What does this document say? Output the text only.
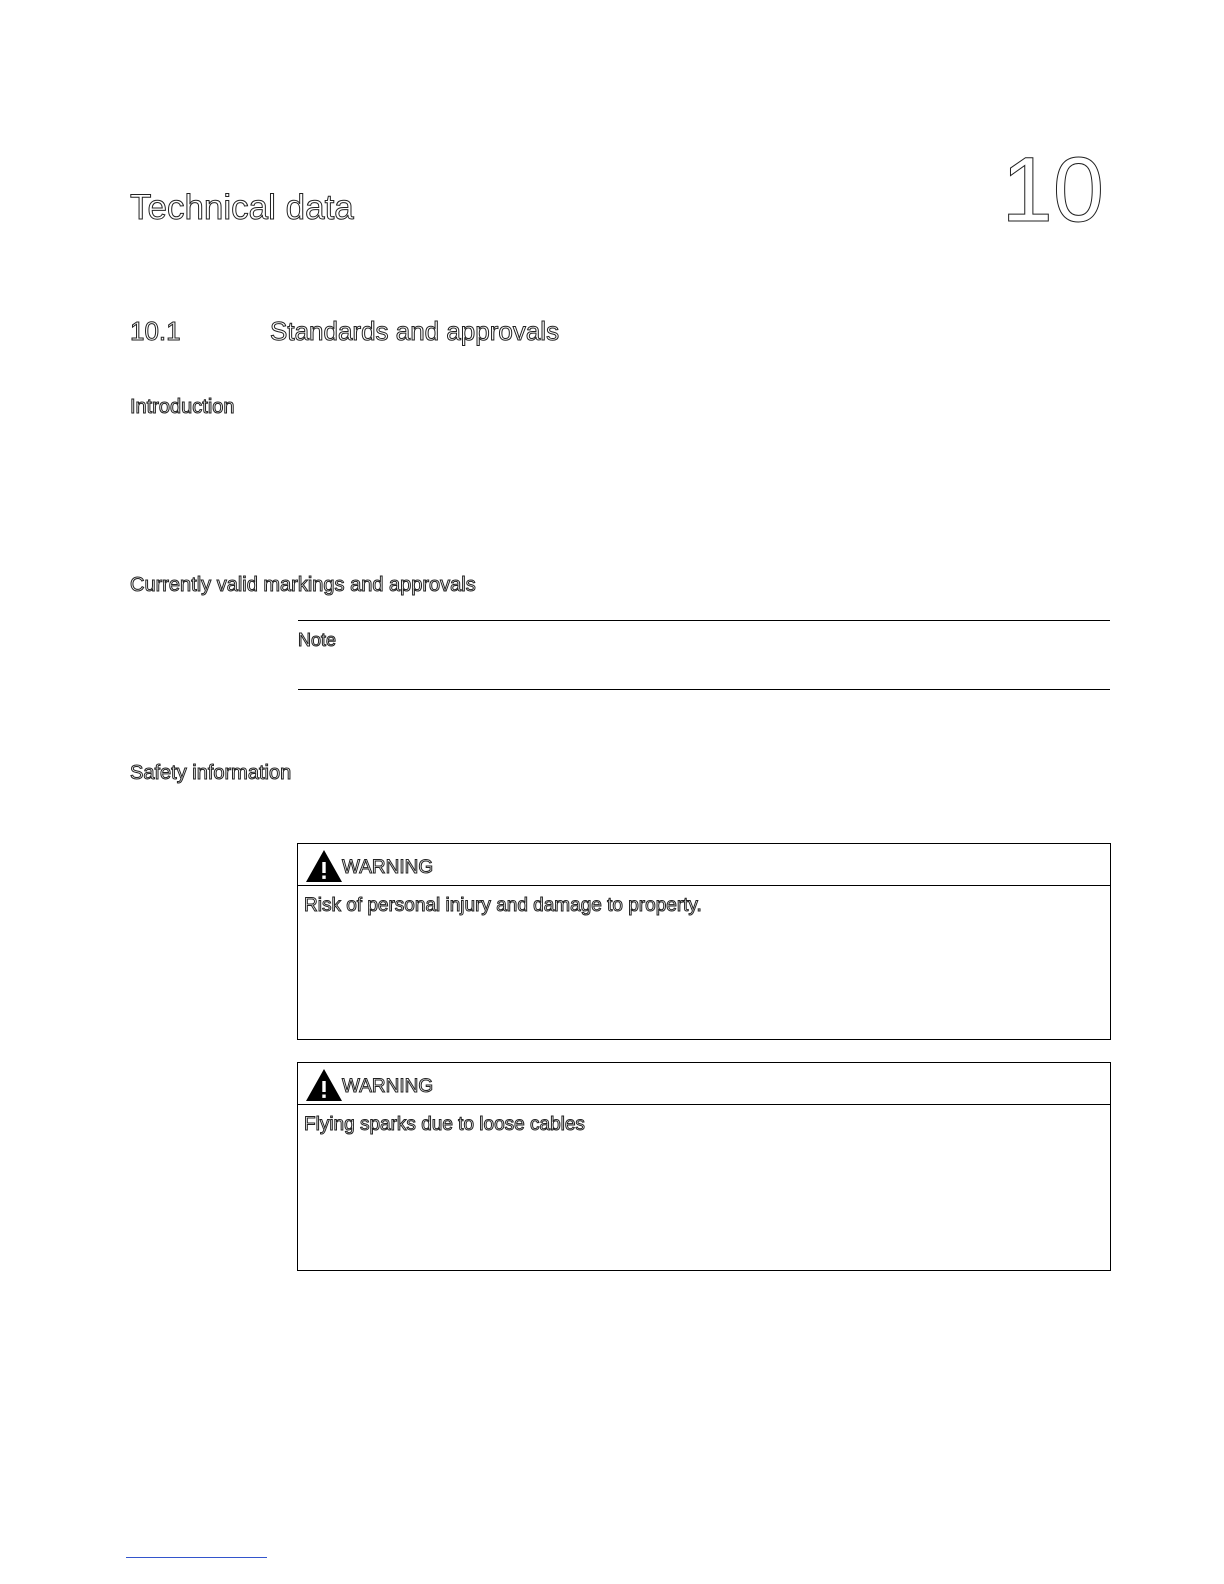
Technical data	10
10.1	Standards and approvals
Introduction
Currently valid markings and approvals
Note
Safety information
WARNING
Risk of personal injury and damage to property.
WARNING
Flying sparks due to loose cables
